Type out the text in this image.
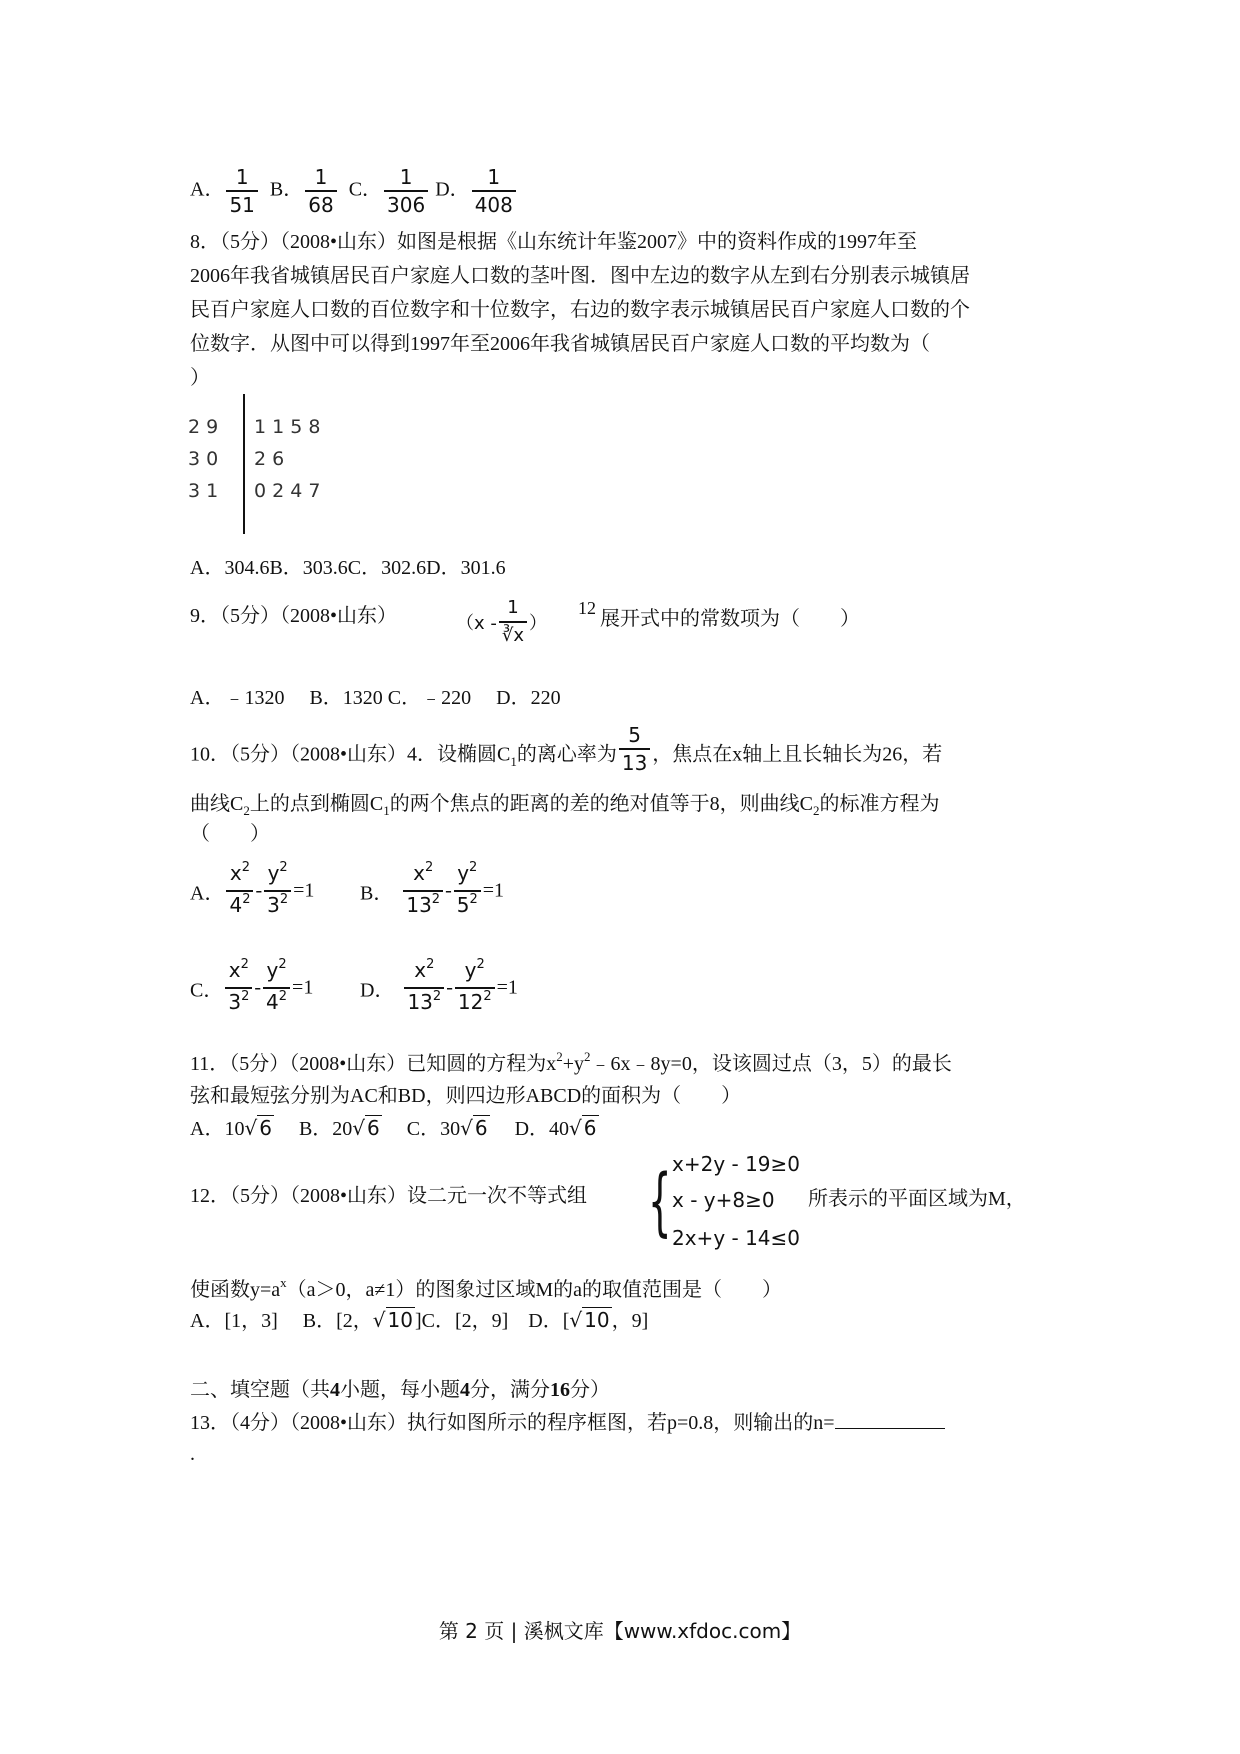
A． $\frac{1}{51}$ B． $\frac{1}{68}$ C． $\frac{1}{306}$ D． $\frac{1}{408}$
8．（5分）（2008•山东）如图是根据《山东统计年鉴2007》中的资料作成的1997年至
2006年我省城镇居民百户家庭人口数的茎叶图．图中左边的数字从左到右分别表示城镇居
民百户家庭人口数的百位数字和十位数字，右边的数字表示城镇居民百户家庭人口数的个
位数字．从图中可以得到1997年至2006年我省城镇居民百户家庭人口数的平均数为（
）
2 9 1 1 5 8
3 0 2 6
3 1 0 2 4 7
A．304.6B．303.6C．302.6D．301.6
9．（5分）（2008•山东）	（$x - \frac{1}{∛x}$ ）
12 展开式中的常数项为（　　）
A．﹣1320　 B．1320 C．﹣220　 D．220
10．（5分）（2008•山东）4．设椭圆$C_1$的离心率为 $\frac{5}{13}$ ，焦点在x轴上且长轴长为26，若
曲线$C_2$上的点到椭圆$C_1$的两个焦点的距离的差的绝对值等于8，则曲线$C_2$的标准方程为
（　　）
A． $\frac{x^2}{4^2} - \frac{y^2}{3^2} =1$ B． $\frac{x^2}{13^2} - \frac{y^2}{5^2} =1$
C． $\frac{x^2}{3^2} - \frac{y^2}{4^2} =1$ D． $\frac{x^2}{13^2} - \frac{y^2}{12^2} =1$
11．（5分）（2008•山东）已知圆的方程为$x^2+y^2﹣6x﹣8y=0$，设该圆过点（3，5）的最长
弦和最短弦分别为AC和BD，则四边形ABCD的面积为（　　）
A．10√ 6 B．20√ 6 C．30√ 6 D．40√ 6
12．（5分）（2008•山东）设二元一次不等式组 { x+2y - 19≥0
x - y+8≥0
2x+y - 14≤0
所表示的平面区域为M，
使函数$y=a^x(a>0$，a≠1）的图象过区域M的a的取值范围是（　　）
A．[1，3] B．[2，√ 10 ]C．[2，9] D．[√ 10 ，9]
二、填空题（共4小题，每小题4分，满分16分）
13．（4分）（2008•山东）执行如图所示的程序框图，若p=0.8，则输出的n=
.
第 2 页 | 溪枫文库【www.xfdoc.com】
